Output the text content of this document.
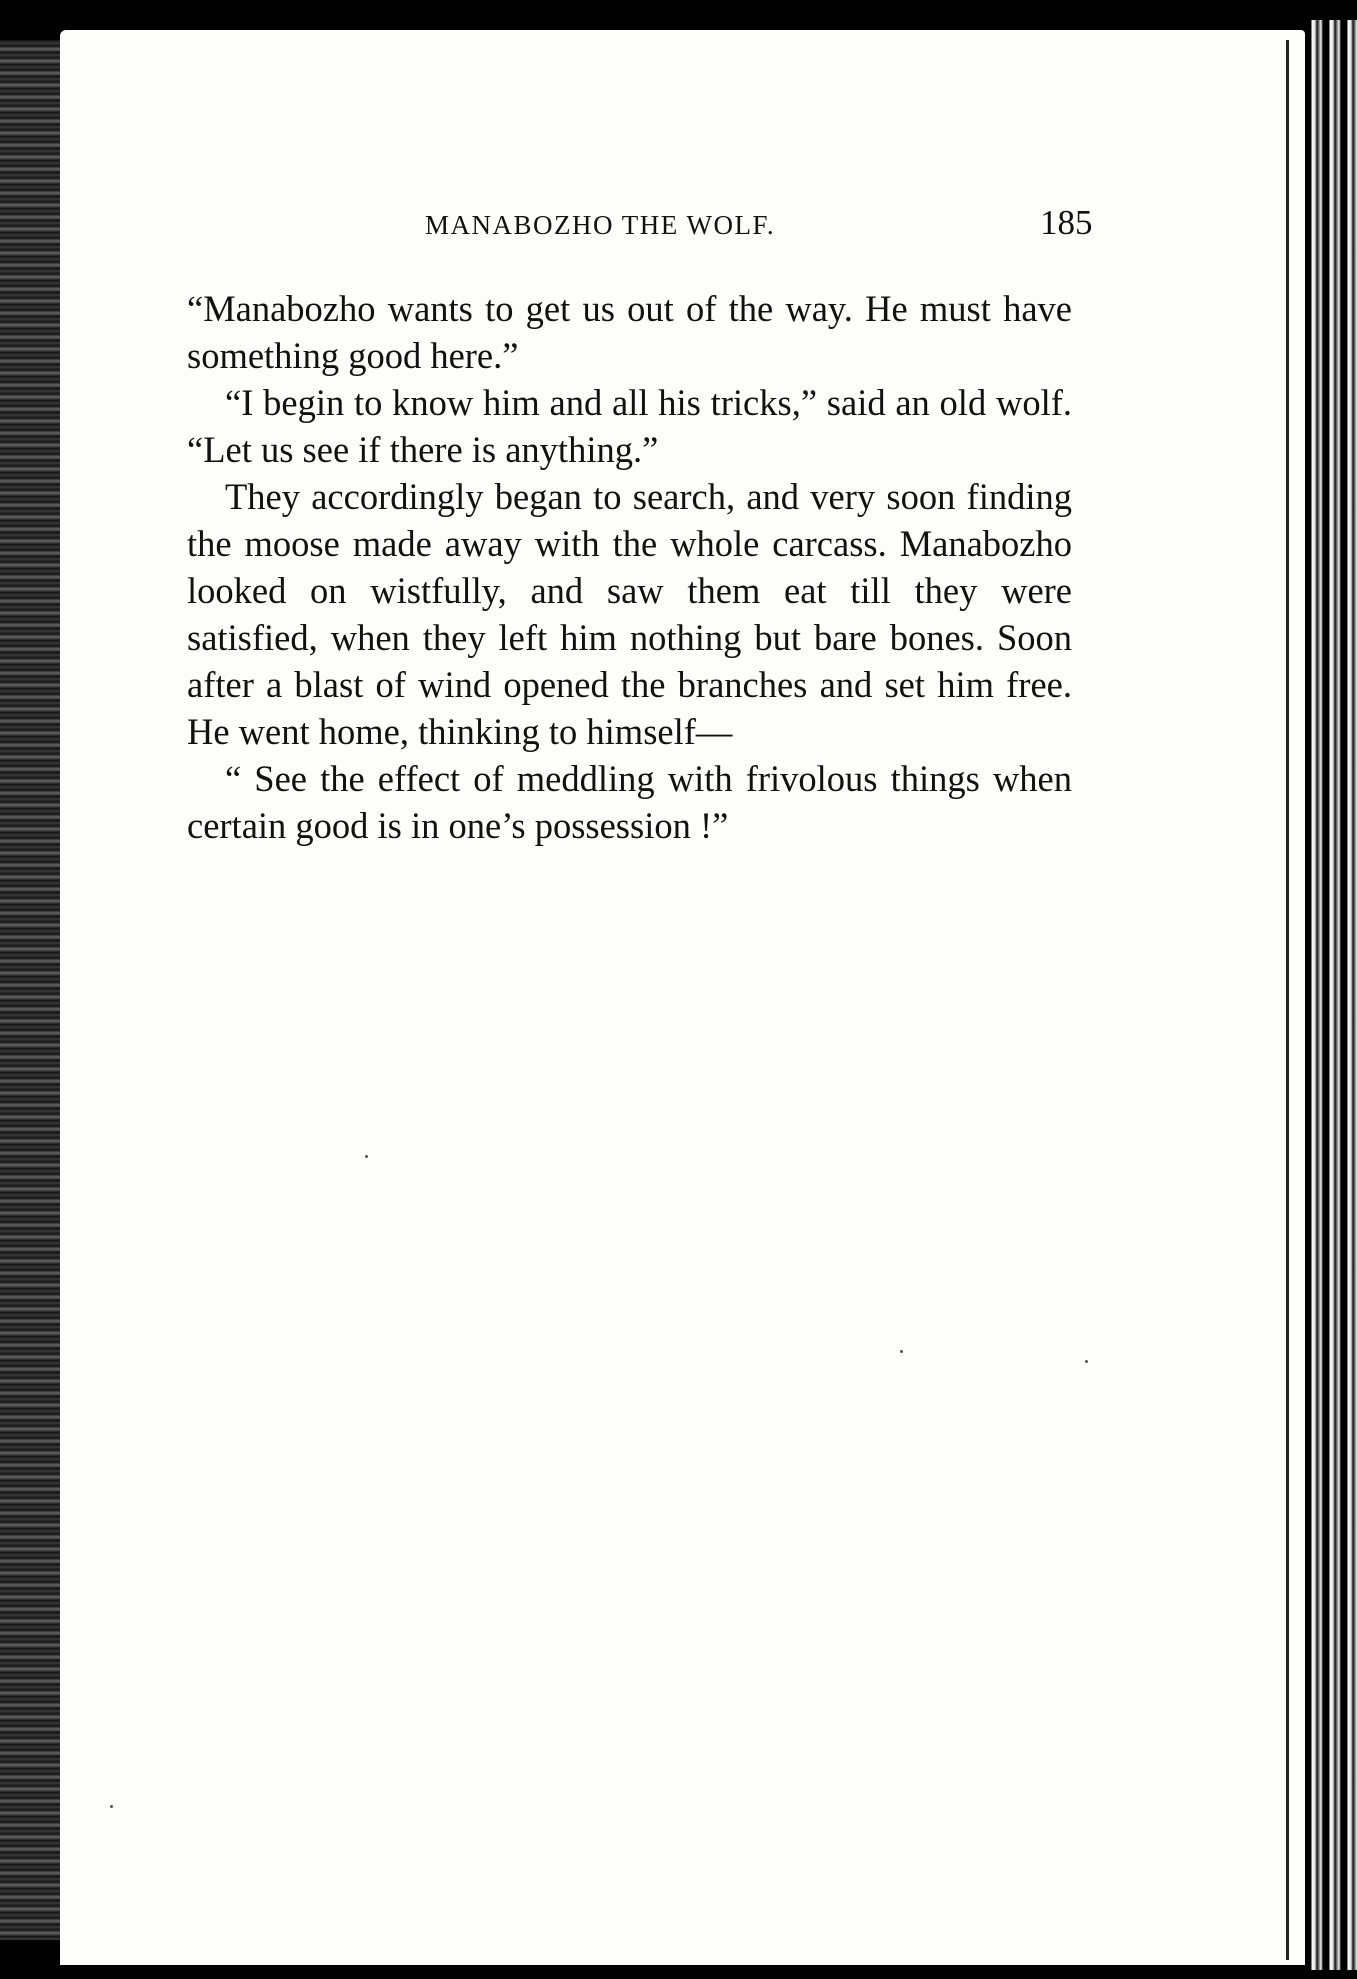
MANABOZHO THE WOLF.	185

“Manabozho wants to get us out of the way. He must have something good here.”

“I begin to know him and all his tricks,” said an old wolf. “Let us see if there is anything.”

They accordingly began to search, and very soon finding the moose made away with the whole carcass. Manabozho looked on wistfully, and saw them eat till they were satisfied, when they left him nothing but bare bones. Soon after a blast of wind opened the branches and set him free. He went home, thinking to himself—

“ See the effect of meddling with frivolous things when certain good is in one’s possession !”
